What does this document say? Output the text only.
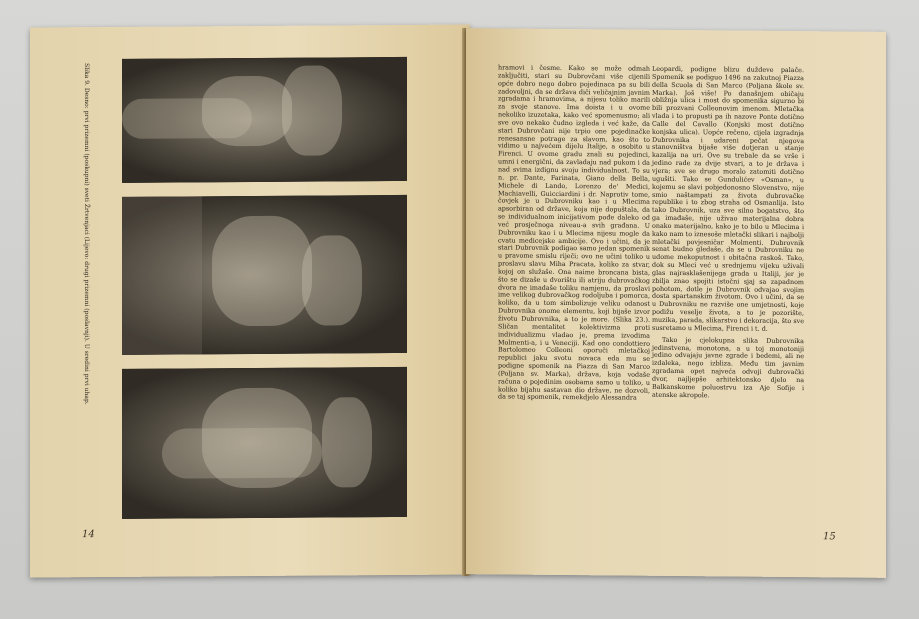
Slika 9. Desno: prvi prizemni (poskupni) sveti Žrtvenjaci (Lijevo: drugi prizemni (poslavnji). U sredini prvi uhap.
14
hramovi i česme. Kako se može odmah zaključiti, stari su Dubrovčani više cijenili opće dobro nego dobro pojedinaca pa su bili zadovoljni, da se država diči veličajnim javnim zgradama i hramovima, a nijesu toliko marili za svoje stanove. Ima doista i u ovome nekoliko izuzetaka, kako već spomenusmo; ali sve ovo nekako čudno izgleda i već kaže, da stari Dubrovčani nije trpio one pojedinačke renesansne potrage za slavom, kao što to vidimo u najvećem dijelu Italije, a osobito u Firenci. U ovome gradu znali su pojedinci, umni i energični, da zavladaju nad pukom i da nad svima izdignu svoju individualnost. To su n. pr. Dante, Farinata, Giano della Bella, Michele di Lando, Lorenzo de' Medici, Machiavelli, Guicciardini i dr. Naprotiv tome, čovjek je u Dubrovniku kao i u Mlecima apsorbiran od države, koja nije dopuštala, da se individualnom inicijativom pođe daleko od već prosječnoga niveau-a svih građana. U Dubrovniku kao i u Mlecima nijesu mogle da cvatu medicejske ambicije. Ovo i učini, da je stari Dubrovnik podigao samo jedan spomenik u pravome smislu riječi; ovo ne učini toliko u proslavu slavu Miha Pracata, koliko za stvar, kojoj on služaše. Ona naime broncana bista, što se dizaše u dvorištu ili atriju dubrovačkog dvora ne imadaše toliku namjenu, da proslavi ime velikog dubrovačkog rodoljuba i pomorca, koliko, da u tom simbolizuje veliku odanost Dubrovnika onome elementu, koji bijaše izvor životu Dubrovnika, a to je more. (Slika 23.). Sličan mentalitet kolektivizma proti individualizmu vladao je, prema izvodima Molmenti-a, i u Veneciji. Kad ono condottiero Bartolomeo Colleoni oporuči mletačkoj republici jaku svotu novaca eda mu se podigne spomenik na Piazza di San Marco (Poljana sv. Marka), država, koja vodaše računa o pojedinim osobama samo u toliko, u koliko bijahu sastavan dio države, ne dozvoli, da se taj spomenik, remekdjelo Alessandra
Leopardi, podigne blizu duždeve palače. Spomenik se podiguo 1496 na zakutnoj Piazza della Scuola di San Marco (Poljana škole sv. Marka). Još više! Po današnjem običaju obližnja ulica i most do spomenika sigurno bi bili prozvani Colleonovim imenom. Mletačka vlada i to propusti pa ih nazove Ponte dotično Calle del Cavallo (Konjski most dotično konjska ulica). Uopće rečeno, cijela izgradnja Dubrovnika i udareni pečat njegova stanovništva bijaše više dotjeran u stanje kazalija na uri. Ove su trebale da se vrše i jedino rade za dvije stvari, a to je država i vjera; sve se drugo moralo zatomiti dotično ugušiti. Tako se Gundulićev «Osman», u kojemu se slavi pobjedonosno Slovenstvo, nije smio naštampati za života dubrovačke republike i to zbog straha od Osmanlija. Isto tako Dubrovnik, uza sve silno bogatstvo, što ga imađaše, nije uživao materijalna dobra onako materijalno, kako je to bilo u Mlecima i kako nam to iznesoše mletački slikari i najbolji mletački povjesničar Molmenti. Dubrovnik senat budno gledaše, da se u Dubrovniku ne udome mekoputnost i obitačna raskoš. Tako, dok su Mleci već u srednjemu vijeku uživali glas najrasklašenijega grada u Italiji, jer je zbilja znao spojiti istočni sjaj sa zapadnom pohotom, dotle je Dubrovnik odvajao svojim dosta spartanskim životom. Ovo i učini, da se u Dubrovniku ne razviše one umjetnosti, koje podižu veselje života, a to je pozorište, muzika, parada, slikarstvo i dekoracija, što sve susretamo u Mlecima, Firenci i t. d.
Tako je cjelokupna slika Dubrovnika jedinstvena, monotona, a u toj monotoniji jedino odvajaju javne zgrade i bedemi, ali ne izdaleka, nego izbliza. Među tim javnim zgradama opet najveća odvoji dubrovački dvor, najljepše arhitektonsko djelo na Balkanskome poluostrvu iza Aje Sofije i atenske akropole.
15
